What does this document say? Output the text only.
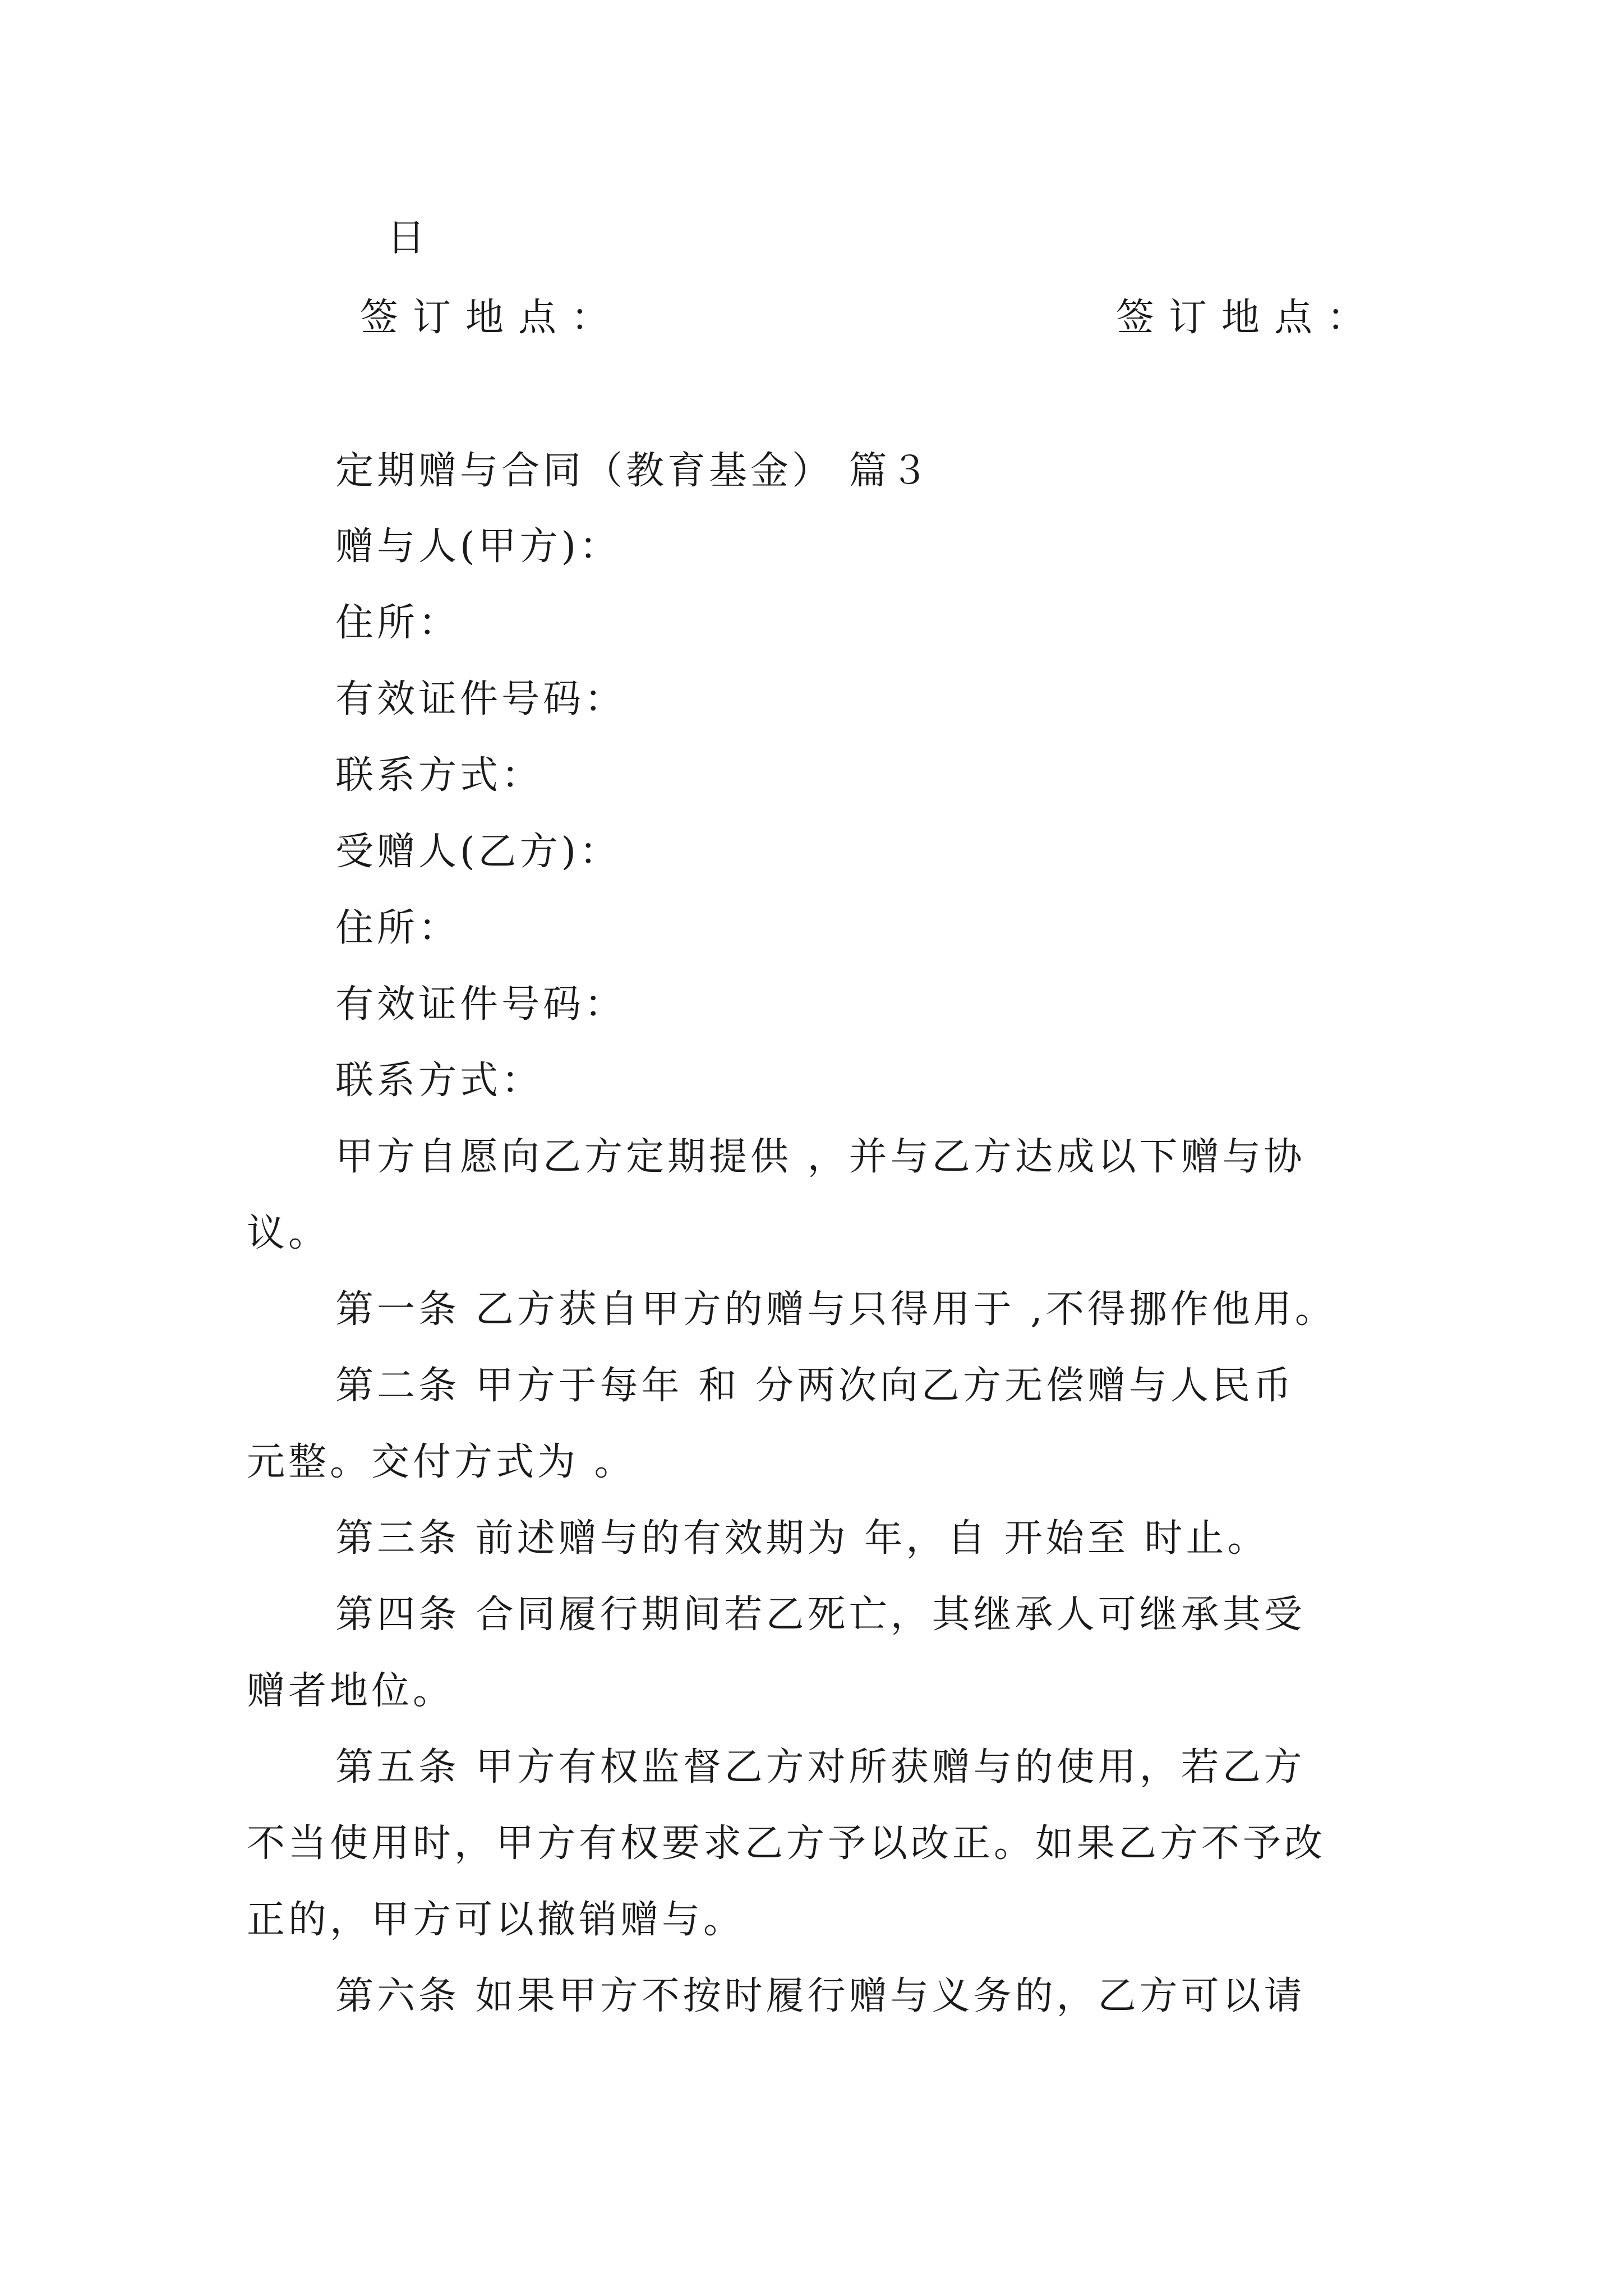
日
签订地点：	签订地点：
定期赠与合同（教育基金） 篇３
赠与人(甲方)：
住所：
有效证件号码：
联系方式：
受赠人(乙方)：
住所：
有效证件号码：
联系方式：
甲方自愿向乙方定期提供 ，并与乙方达成以下赠与协
议。
第一条 乙方获自甲方的赠与只得用于 ,不得挪作他用。
第二条 甲方于每年 和 分两次向乙方无偿赠与人民币
元整。交付方式为 。
第三条 前述赠与的有效期为 年，自 开始至 时止。
第四条 合同履行期间若乙死亡，其继承人可继承其受
赠者地位。
第五条 甲方有权监督乙方对所获赠与的使用，若乙方
不当使用时，甲方有权要求乙方予以改正。如果乙方不予改
正的，甲方可以撤销赠与。
第六条 如果甲方不按时履行赠与义务的，乙方可以请
